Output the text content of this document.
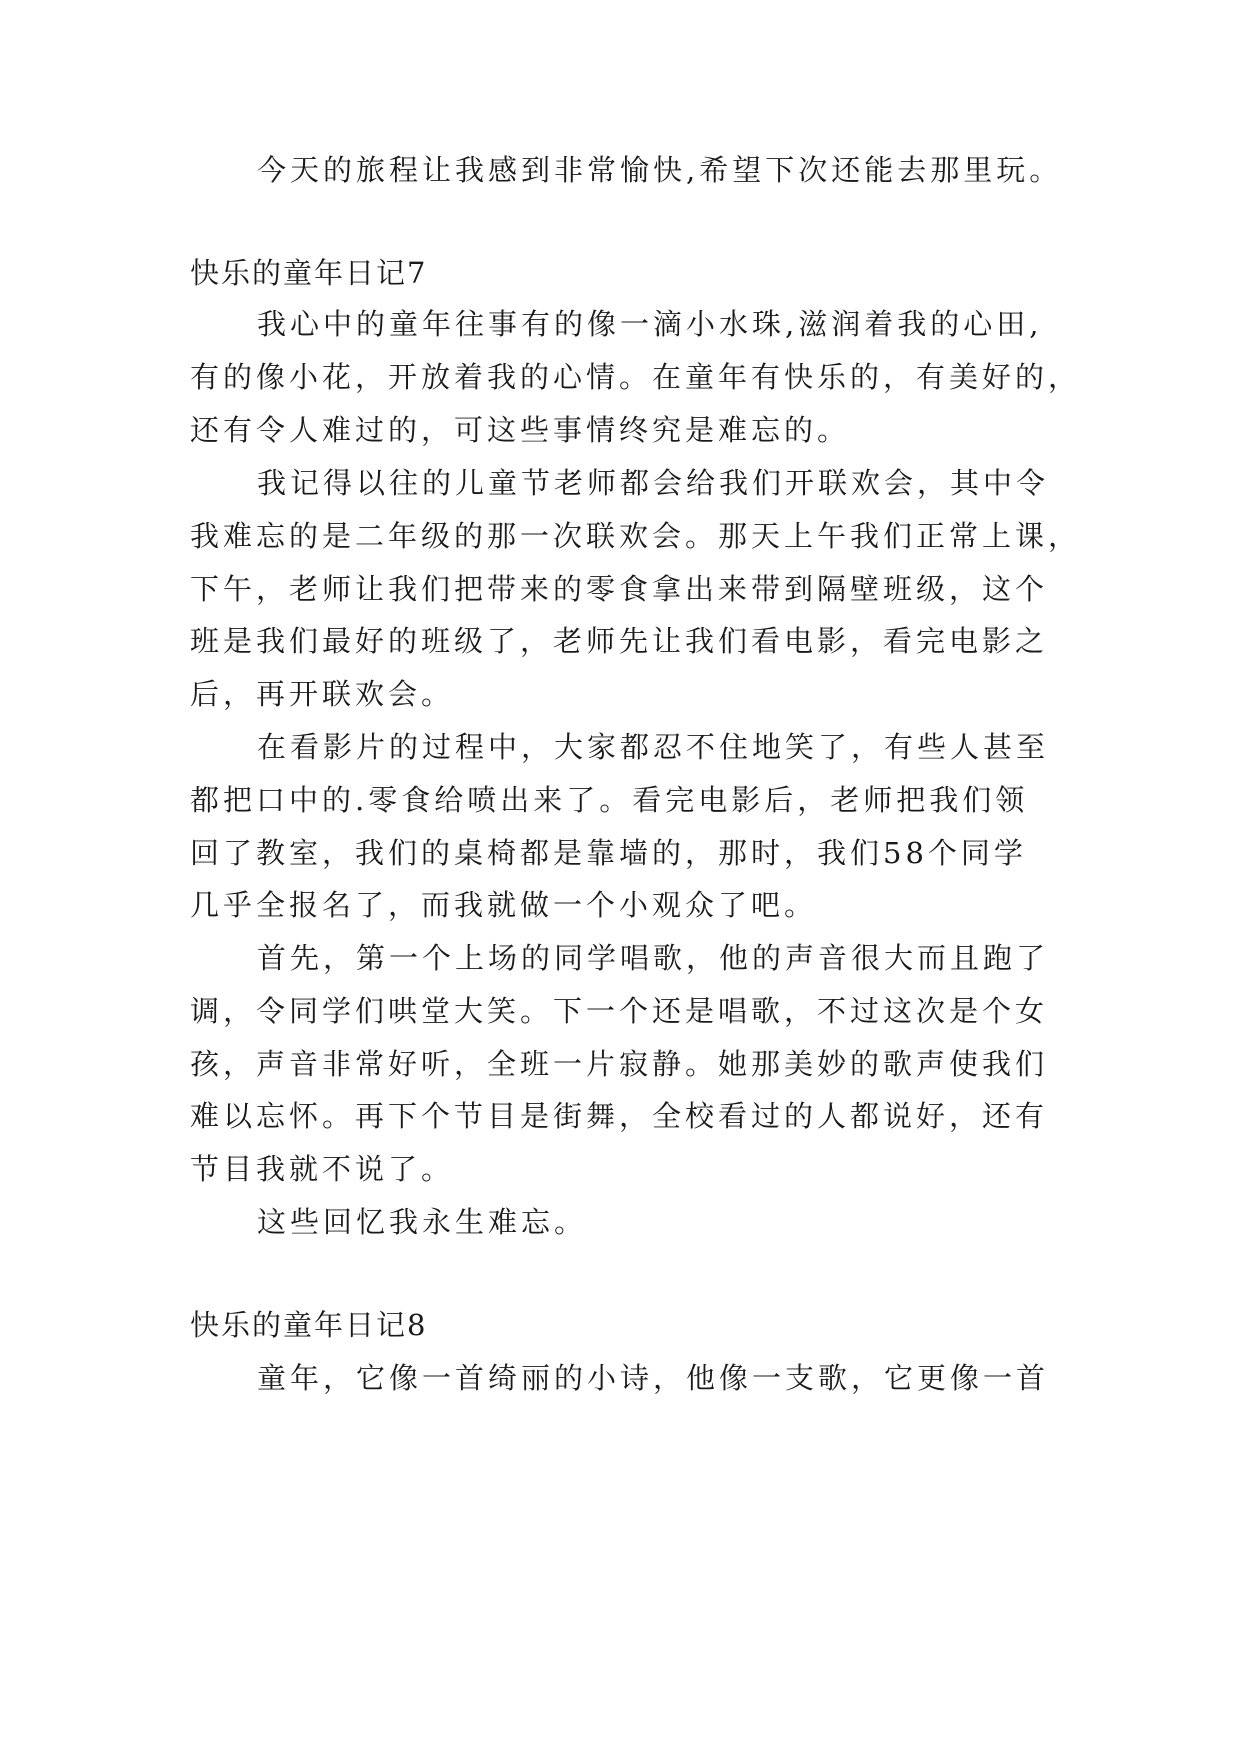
今天的旅程让我感到非常愉快,希望下次还能去那里玩。
快乐的童年日记7
我心中的童年往事有的像一滴小水珠,滋润着我的心田,
有的像小花，开放着我的心情。在童年有快乐的，有美好的，
还有令人难过的，可这些事情终究是难忘的。
我记得以往的儿童节老师都会给我们开联欢会，其中令
我难忘的是二年级的那一次联欢会。那天上午我们正常上课，
下午，老师让我们把带来的零食拿出来带到隔壁班级，这个
班是我们最好的班级了，老师先让我们看电影，看完电影之
后，再开联欢会。
在看影片的过程中，大家都忍不住地笑了，有些人甚至
都把口中的.零食给喷出来了。看完电影后，老师把我们领
回了教室，我们的桌椅都是靠墙的，那时，我们58个同学
几乎全报名了，而我就做一个小观众了吧。
首先，第一个上场的同学唱歌，他的声音很大而且跑了
调，令同学们哄堂大笑。下一个还是唱歌，不过这次是个女
孩，声音非常好听，全班一片寂静。她那美妙的歌声使我们
难以忘怀。再下个节目是街舞，全校看过的人都说好，还有
节目我就不说了。
这些回忆我永生难忘。
快乐的童年日记8
童年，它像一首绮丽的小诗，他像一支歌，它更像一首
